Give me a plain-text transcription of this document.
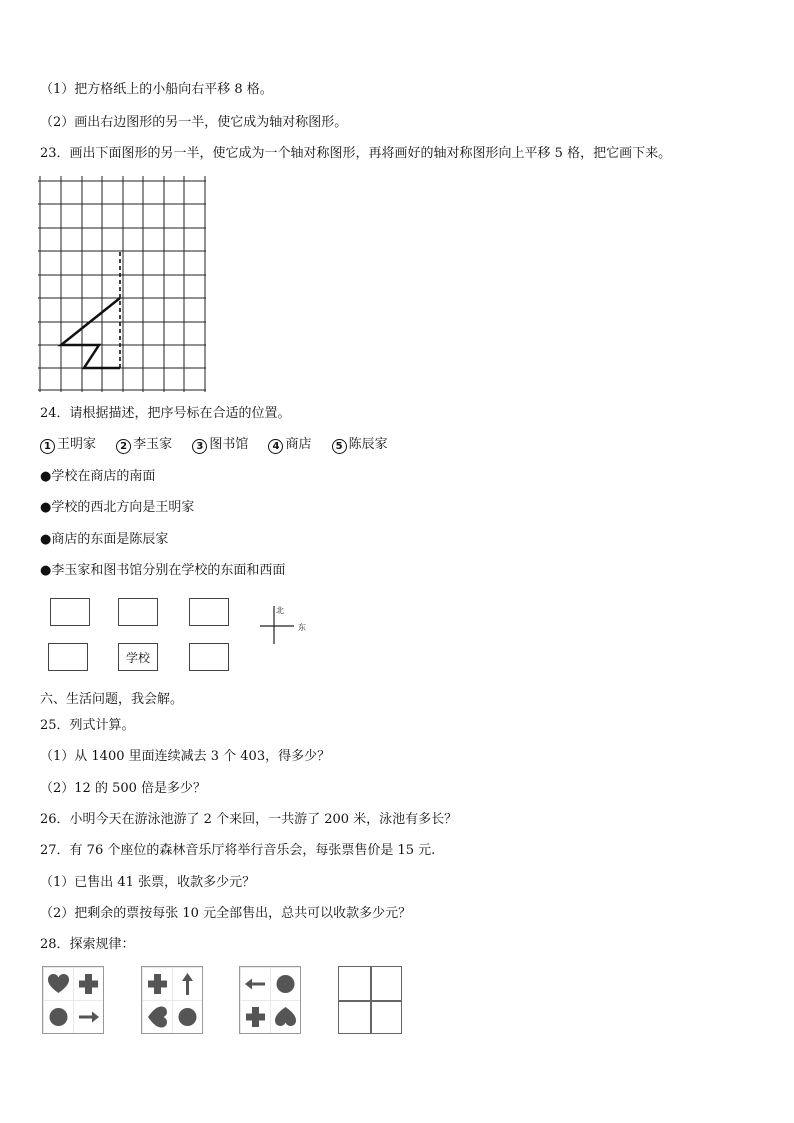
（1）把方格纸上的小船向右平移 8 格。
（2）画出右边图形的另一半，使它成为轴对称图形。
23．画出下面图形的另一半，使它成为一个轴对称图形，再将画好的轴对称图形向上平移 5 格，把它画下来。
24．请根据描述，把序号标在合适的位置。
1 王明家 2 李玉家 3 图书馆 4 商店 5 陈辰家
●学校在商店的南面
●学校的西北方向是王明家
●商店的东面是陈辰家
●李玉家和图书馆分别在学校的东面和西面
学校
北
东
六、生活问题，我会解。
25．列式计算。
（1）从 1400 里面连续减去 3 个 403，得多少？
（2）12 的 500 倍是多少？
26．小明今天在游泳池游了 2 个来回，一共游了 200 米，泳池有多长？
27．有 76 个座位的森林音乐厅将举行音乐会，每张票售价是 15 元.
（1）已售出 41 张票，收款多少元？
（2）把剩余的票按每张 10 元全部售出，总共可以收款多少元？
28．探索规律：
